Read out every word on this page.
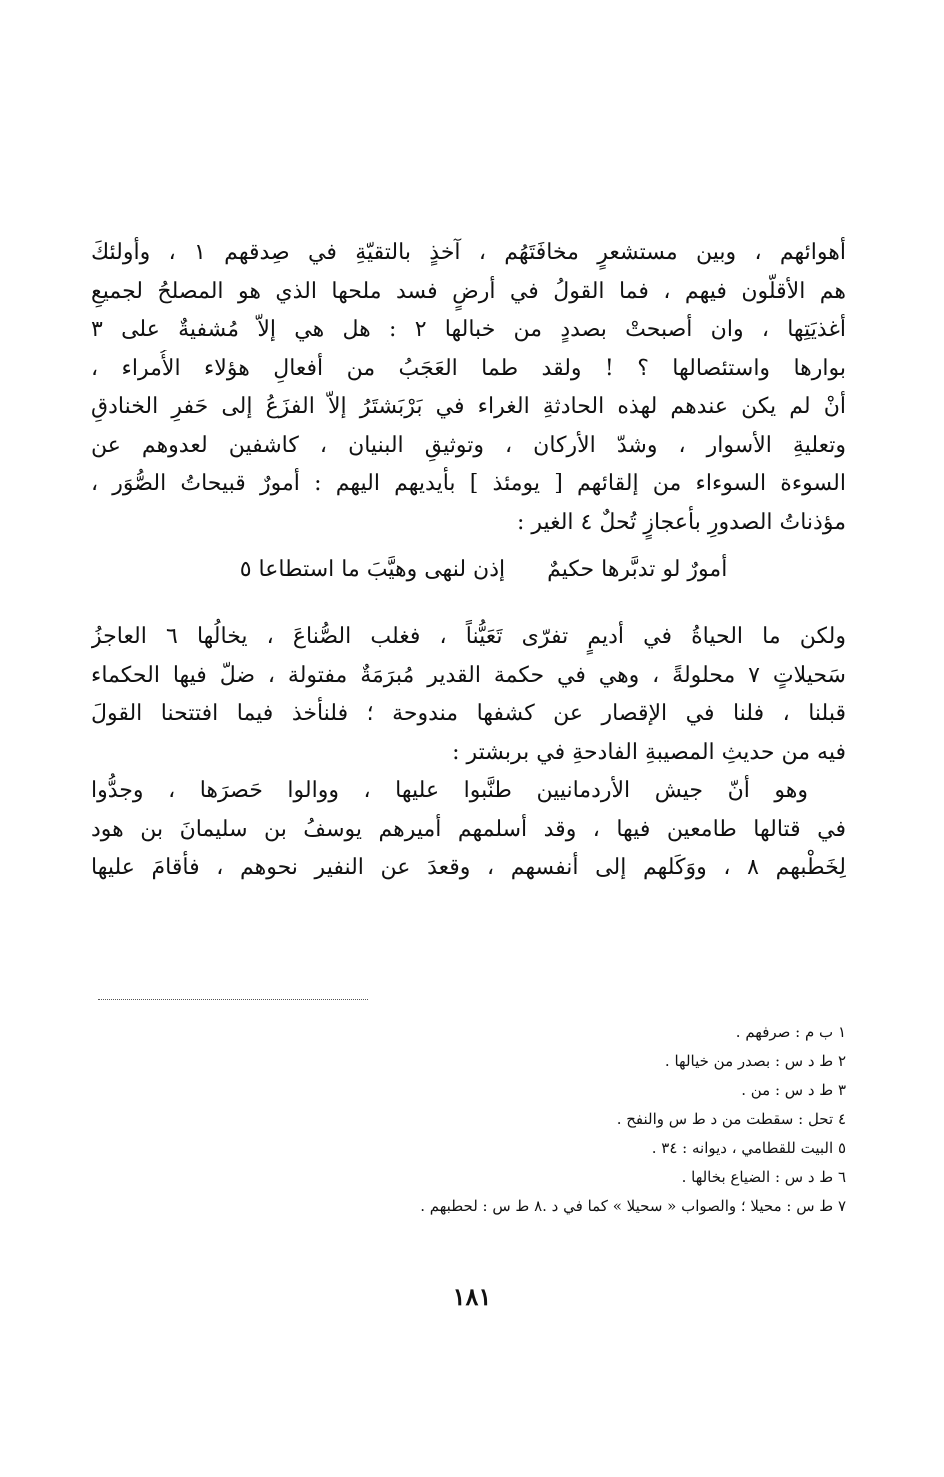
أهوائهم ، وبين مستشعرٍ مخافَتَهُم ، آخذٍ بالتقيّةِ في صِدقهم ١ ، وأولئكَ
هم الأقلّون فيهم ، فما القولُ في أرضٍ فسد ملحها الذي هو المصلحُ لجميعِ
أغذيَتِها ، وان أصبحتْ بصددٍ من خبالها ٢ : هل هي إلاّ مُشفيةٌ على ٣
بوارها واستئصالها ؟ ! ولقد طما العَجَبُ من أفعالِ هؤلاء الأُمراء ،
أنْ لم يكن عندهم لهذه الحادثةِ الغراء في بَرْبَشتَرُ إلاّ الفزَعُ إلى حَفرِ الخنادقِ
وتعليةِ الأسوار ، وشدّ الأركان ، وتوثيقِ البنيان ، كاشفين لعدوهم عن
السوءة السوءاء من إلقائهم [ يومئذ ] بأيديهم اليهم : أمورٌ قبيحاتُ الصُّوَر ،
مؤذناتُ الصدورِ بأعجازٍ تُحلٌ ٤ الغير :
أمورٌ لو تدبَّرها حكيمٌ
إذن لنهى وهيَّبَ ما استطاعا ٥
ولكن ما الحياةُ في أديمٍ تفرّى تَعَيُّناً ، فغلب الصُّناعَ ، يخالُها ٦ العاجزُ
سَحيلاتٍ ٧ محلولةً ، وهي في حكمة القدير مُبرَمَةٌ مفتولة ، ضلّ فيها الحكماء
قبلنا ، فلنا في الإقصار عن كشفها مندوحة ؛ فلنأخذ فيما افتتحنا القولَ
فيه من حديثِ المصيبةِ الفادحةِ في بربشتر :
وهو أنّ جيش الأردمانيين طنَّبوا عليها ، ووالوا حَصرَها ، وجدُّوا
في قتالها طامعين فيها ، وقد أسلمهم أميرهم يوسفُ بن سليمانَ بن هود
لِخَطْبهم ٨ ، ووَكَلهم إلى أنفسهم ، وقعدَ عن النفير نحوهم ، فأقامَ عليها
١ ب م : صرفهم .
٢ ط د س : بصدر من خيالها .
٣ ط د س : من .
٤ تحل : سقطت من د ط س والنفح .
٥ البيت للقطامي ، ديوانه : ٣٤ .
٦ ط د س : الضياع بخالها .
٧ ط س : محيلا ؛ والصواب « سحيلا » كما في د .
٨ ط س : لحطبهم .
١٨١
